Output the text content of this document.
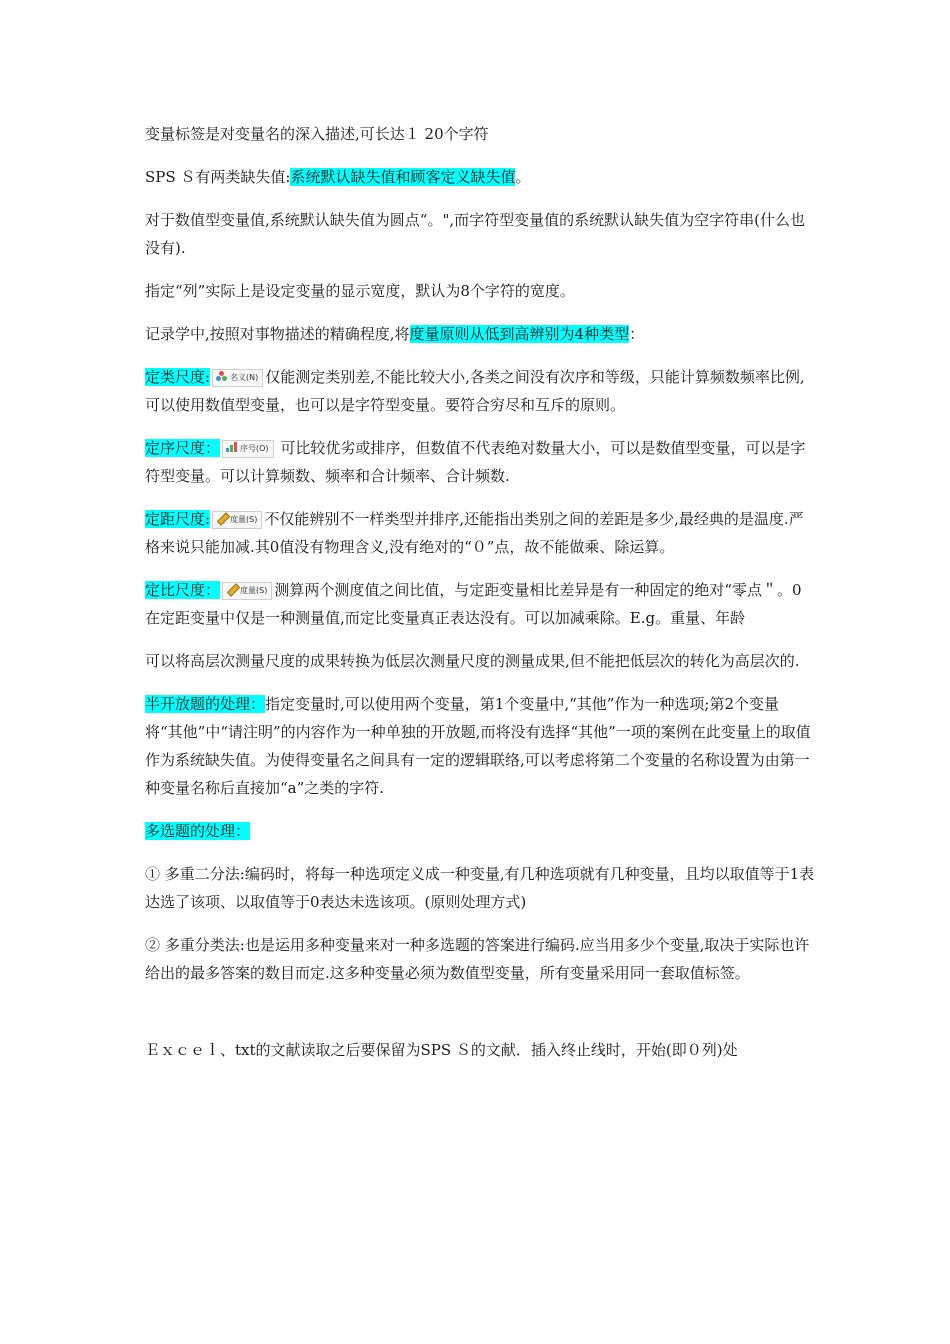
变量标签是对变量名的深入描述,可长达１ 20个字符

SPS Ｓ有两类缺失值:系统默认缺失值和顾客定义缺失值。

对于数值型变量值,系统默认缺失值为圆点“。",而字符型变量值的系统默认缺失值为空字符串(什么也没有).

指定“列”实际上是设定变量的显示宽度，默认为8个字符的宽度。

记录学中,按照对事物描述的精确程度,将度量原则从低到高辨别为4种类型：

定类尺度:	名义(N) 仅能测定类别差,不能比较大小,各类之间没有次序和等级，只能计算频数频率比例,可以使用数值型变量，也可以是字符型变量。要符合穷尽和互斥的原则。

定序尺度：	序号(O) 可比较优劣或排序，但数值不代表绝对数量大小，可以是数值型变量，可以是字符型变量。可以计算频数、频率和合计频率、合计频数.

定距尺度:	度量(S) 不仅能辨别不一样类型并排序,还能指出类别之间的差距是多少,最经典的是温度.严格来说只能加减.其0值没有物理含义,没有绝对的“０”点，故不能做乘、除运算。

定比尺度：	度量(S) 测算两个测度值之间比值，与定距变量相比差异是有一种固定的绝对“零点＂。0在定距变量中仅是一种测量值,而定比变量真正表达没有。可以加减乘除。E.g。重量、年龄

可以将高层次测量尺度的成果转换为低层次测量尺度的测量成果,但不能把低层次的转化为高层次的.

半开放题的处理：指定变量时,可以使用两个变量，第1个变量中,“其他”作为一种选项;第2个变量将“其他”中“请注明”的内容作为一种单独的开放题,而将没有选择“其他”一项的案例在此变量上的取值作为系统缺失值。为使得变量名之间具有一定的逻辑联络,可以考虑将第二个变量的名称设置为由第一种变量名称后直接加“a”之类的字符.

多选题的处理：

① 多重二分法:编码时，将每一种选项定义成一种变量,有几种选项就有几种变量，且均以取值等于1表达选了该项、以取值等于0表达未选该项。(原则处理方式)

② 多重分类法:也是运用多种变量来对一种多选题的答案进行编码.应当用多少个变量,取决于实际也许给出的最多答案的数目而定.这多种变量必须为数值型变量，所有变量采用同一套取值标签。

Ｅｘｃｅｌ、txt的文献读取之后要保留为SPS Ｓ的文献．插入终止线时，开始(即０列)处
